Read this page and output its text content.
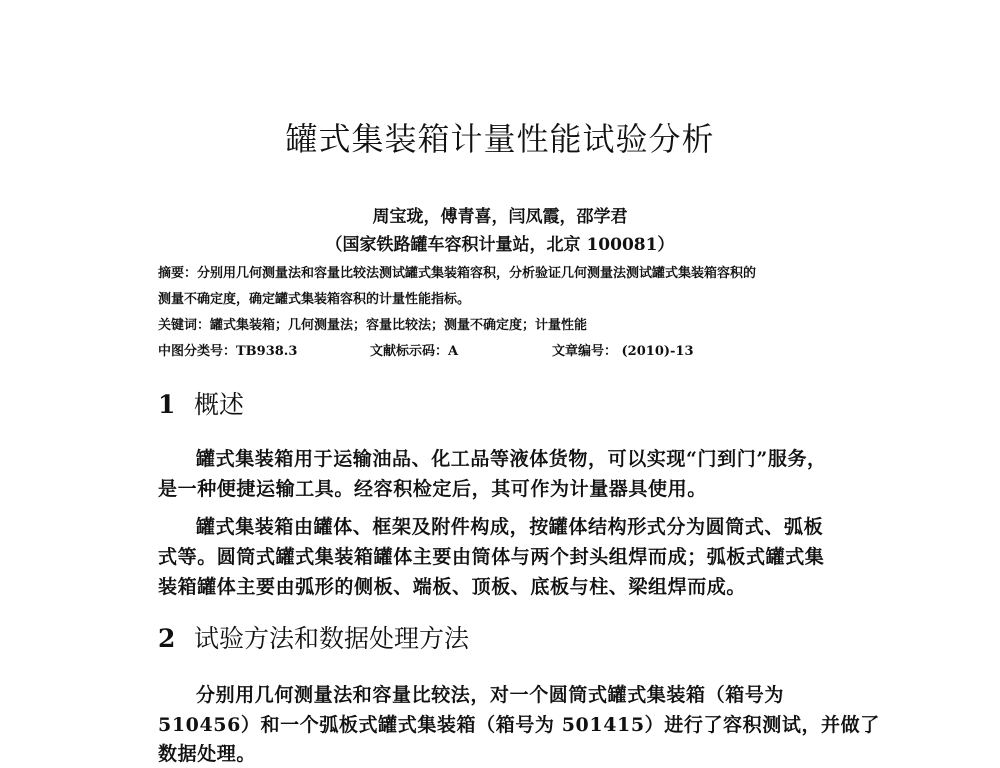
罐式集装箱计量性能试验分析
周宝珑，傅青喜，闫凤霞，邵学君
（国家铁路罐车容积计量站，北京 100081）
摘要：分别用几何测量法和容量比较法测试罐式集装箱容积，分析验证几何测量法测试罐式集装箱容积的
测量不确定度，确定罐式集装箱容积的计量性能指标。
关键词：罐式集装箱；几何测量法；容量比较法；测量不确定度；计量性能
中图分类号：TB938.3	文献标示码：A	文章编号： (2010)-13
1 概述
罐式集装箱用于运输油品、化工品等液体货物，可以实现“门到门”服务，
是一种便捷运输工具。经容积检定后，其可作为计量器具使用。
罐式集装箱由罐体、框架及附件构成，按罐体结构形式分为圆筒式、弧板
式等。圆筒式罐式集装箱罐体主要由筒体与两个封头组焊而成；弧板式罐式集
装箱罐体主要由弧形的侧板、端板、顶板、底板与柱、梁组焊而成。
2 试验方法和数据处理方法
分别用几何测量法和容量比较法，对一个圆筒式罐式集装箱（箱号为
510456）和一个弧板式罐式集装箱（箱号为 501415）进行了容积测试，并做了
数据处理。
